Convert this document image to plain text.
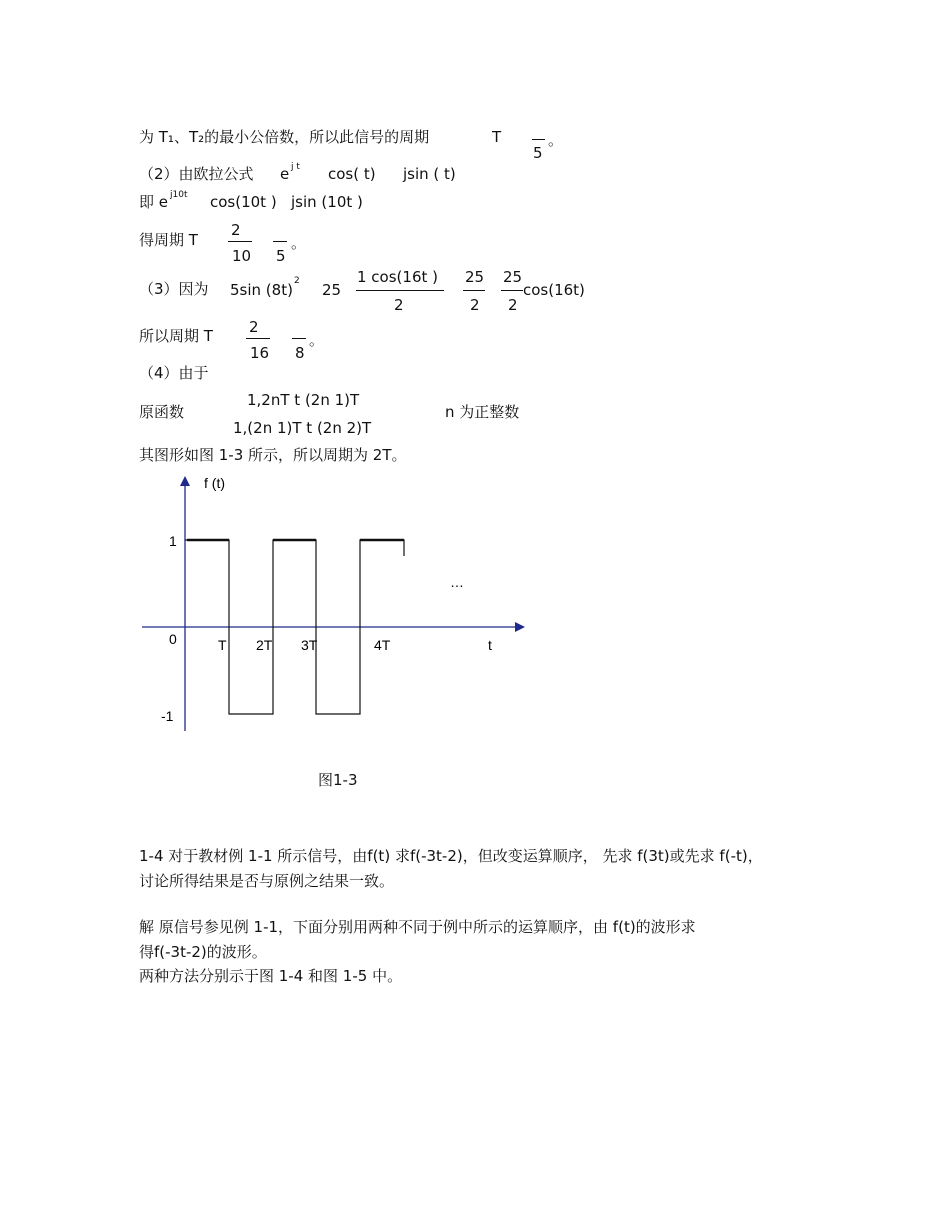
为 T₁、T₂的最小公倍数，所以此信号的周期	T
5
。
（2）由欧拉公式 e j t cos( t) jsin ( t)
即 e j10t cos(10t ) jsin (10t )
得周期 T
2
10 5
。
（3）因为 5sin (8t) 2 25
1 cos(16t )
2
25
2
25
2
cos(16t)
所以周期 T 2
16 8
。
（4）由于
原函数
1,2nT t (2n 1)T
1,(2n 1)T t (2n 2)T
n 为正整数
其图形如图 1-3 所示，所以周期为 2T。
f (t)
t
1
0
-1
T 2T 3T	4T
…
图1-3
1-4 对于教材例 1-1 所示信号，由f(t) 求f(-3t-2)，但改变运算顺序， 先求 f(3t)或先求 f(-t)，
讨论所得结果是否与原例之结果一致。
解 原信号参见例 1-1，下面分别用两种不同于例中所示的运算顺序，由 f(t)的波形求
得f(-3t-2)的波形。
两种方法分别示于图 1-4 和图 1-5 中。
